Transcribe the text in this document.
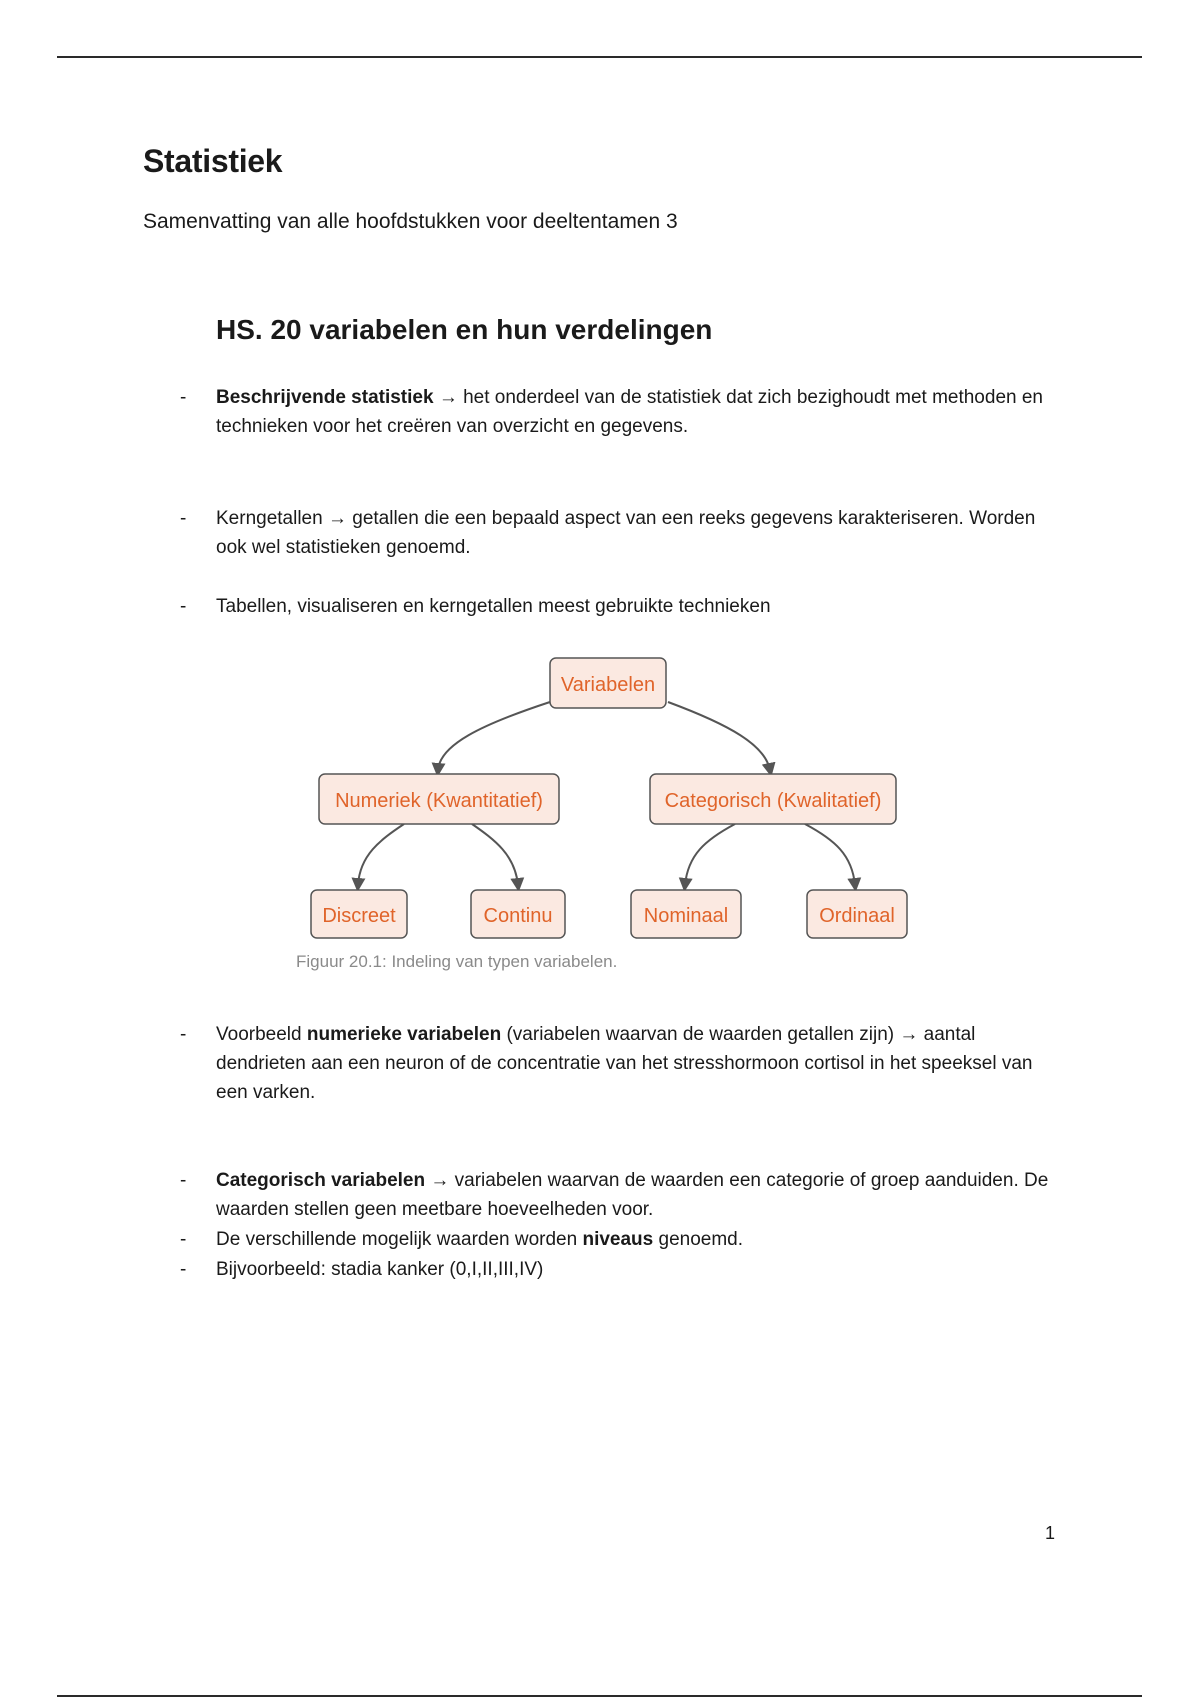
Statistiek

Samenvatting van alle hoofdstukken voor deeltentamen 3

HS. 20 variabelen en hun verdelingen
-	Beschrijvende statistiek → het onderdeel van de statistiek dat zich bezighoudt met methoden en technieken voor het creëren van overzicht en gegevens.

-	Kerngetallen → getallen die een bepaald aspect van een reeks gegevens karakteriseren. Worden ook wel statistieken genoemd.

-	Tabellen, visualiseren en kerngetallen meest gebruikte technieken

Variabelen
Numeriek (Kwantitatief)	Categorisch (Kwalitatief)
Discreet	Continu	Nominaal	Ordinaal
Figuur 20.1: Indeling van typen variabelen.
-	Voorbeeld numerieke variabelen (variabelen waarvan de waarden getallen zijn) → aantal dendrieten aan een neuron of de concentratie van het stresshormoon cortisol in het speeksel van een varken.

-	Categorisch variabelen → variabelen waarvan de waarden een categorie of groep aanduiden. De waarden stellen geen meetbare hoeveelheden voor.

-	De verschillende mogelijk waarden worden niveaus genoemd.

-	Bijvoorbeeld: stadia kanker (0,I,II,III,IV)

1
